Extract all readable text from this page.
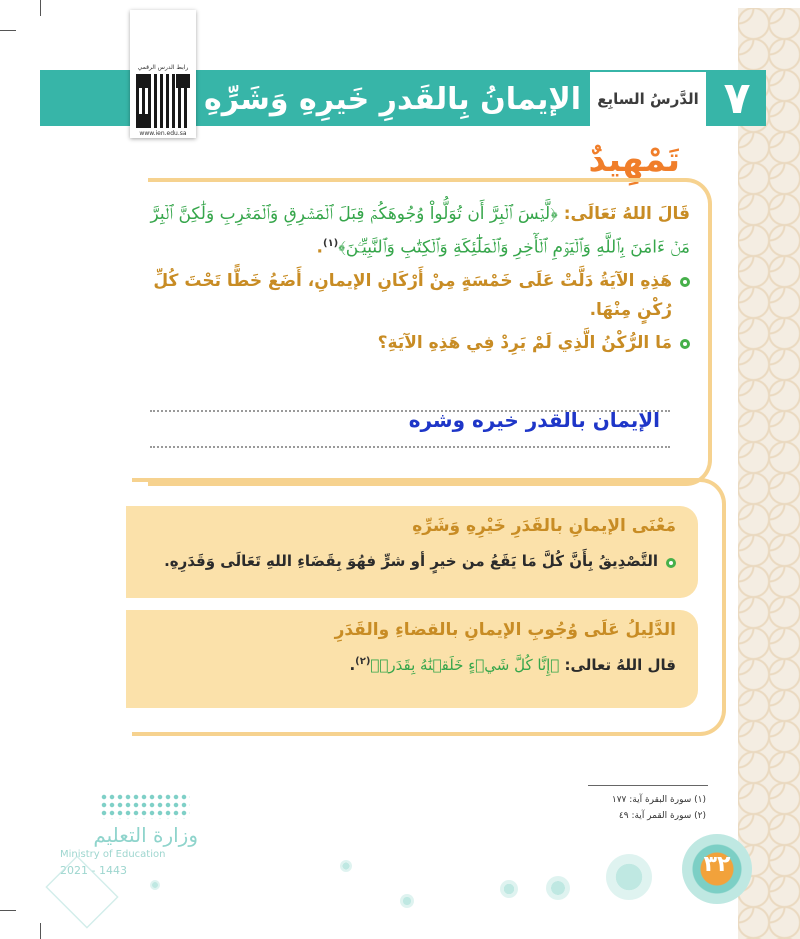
٧
الدَّرسُ السابِع
الإيمانُ بِالقَدرِ خَيرِهِ وَشَرِّهِ
رابط الدرس الرقمي
www.ien.edu.sa
تَمْهِيدٌ
قَالَ اللهُ تَعَالَى: ﴿لَّيۡسَ ٱلۡبِرَّ أَن تُوَلُّواْ وُجُوهَكُمۡ قِبَلَ ٱلۡمَشۡرِقِ وَٱلۡمَغۡرِبِ وَلَٰكِنَّ ٱلۡبِرَّ مَنۡ ءَامَنَ بِٱللَّهِ وَٱلۡيَوۡمِ ٱلۡأٓخِرِ وَٱلۡمَلَٰٓئِكَةِ وَٱلۡكِتَٰبِ وَٱلنَّبِيِّـۧنَ﴾$^{(١)}$.
هَذِهِ الآيَةُ دَلَّتْ عَلَى خَمْسَةٍ مِنْ أَرْكَانِ الإيمانِ، أَضَعُ خَطًّا تَحْتَ كُلِّ رُكْنٍ مِنْهَا.
مَا الرُّكْنُ الَّذِي لَمْ يَرِدْ فِي هَذِهِ الآيَةِ؟
الإيمان بالقدر خيره وشره
مَعْنَى الإيمانِ بالقَدَرِ خَيْرِهِ وَشَرِّهِ
التَّصْدِيقُ بِأَنَّ كُلَّ مَا يَقَعُ من خيرٍ أو شرٍّ فهُوَ بِقَضَاءِ اللهِ تَعَالَى وَقَدَرِهِ.
الدَّلِيلُ عَلَى وُجُوبِ الإيمانِ بالقضاءِ والقَدَرِ
قال اللهُ تعالى: ﴿إِنَّا كُلَّ شَيۡءٍ خَلَقۡنَٰهُ بِقَدَرٖ﴾$^{(٢)}$.
(١) سورة البقرة آية: ١٧٧
(٢) سورة القمر آية: ٤٩
وزارة التعليم
Ministry of Education
2021 - 1443	٣٢
